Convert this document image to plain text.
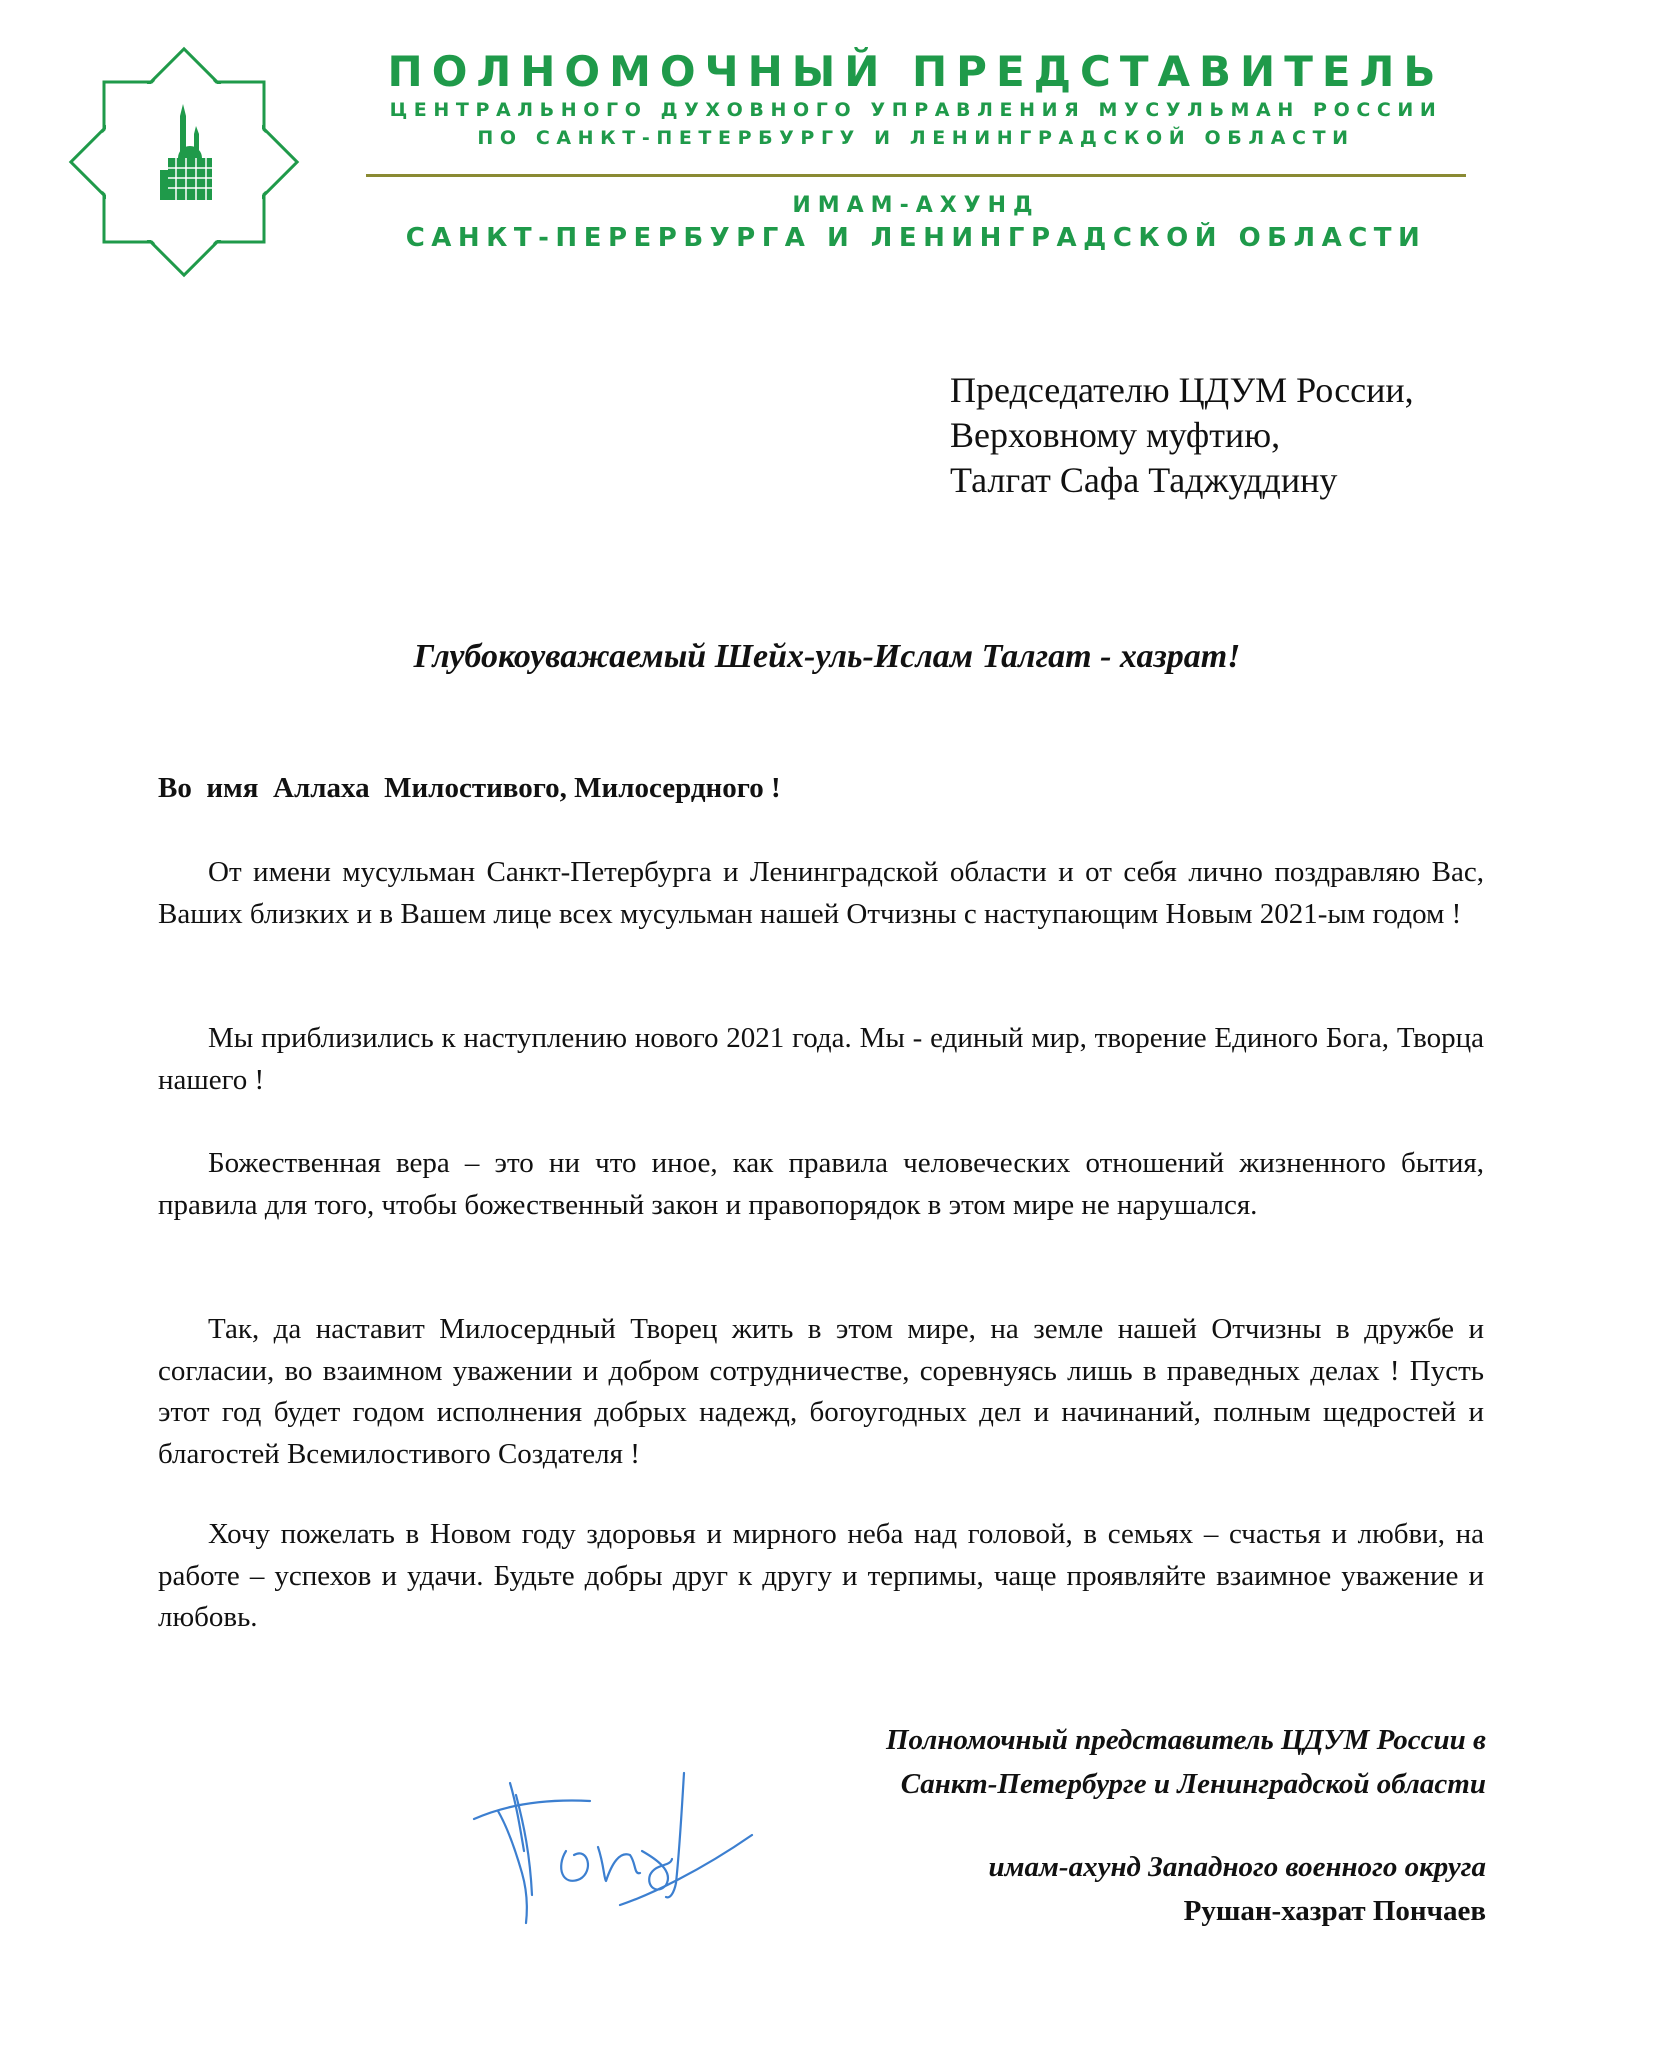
ПОЛНОМОЧНЫЙ ПРЕДСТАВИТЕЛЬ
ЦЕНТРАЛЬНОГО ДУХОВНОГО УПРАВЛЕНИЯ МУСУЛЬМАН РОССИИ
ПО САНКТ-ПЕТЕРБУРГУ И ЛЕНИНГРАДСКОЙ ОБЛАСТИ
ИМАМ-АХУНД
САНКТ-ПЕРЕРБУРГА И ЛЕНИНГРАДСКОЙ ОБЛАСТИ
Председателю ЦДУМ России,
Верховному муфтию,
Талгат Сафа Таджуддину
Глубокоуважаемый Шейх-уль-Ислам Талгат - хазрат!
Во  имя  Аллаха  Милостивого, Милосердного !

От имени мусульман Санкт-Петербурга и Ленинградской области и от себя лично поздравляю Вас, Ваших близких и в Вашем лице всех мусульман нашей Отчизны с наступающим Новым 2021-ым годом !

Мы приблизились к наступлению нового 2021 года. Мы - единый мир, творение Единого Бога, Творца нашего !

Божественная вера – это ни что иное, как правила человеческих отношений жизненного бытия, правила для того, чтобы божественный закон и правопорядок в этом мире не нарушался.

Так, да наставит Милосердный Творец жить в этом мире, на земле нашей Отчизны в дружбе и согласии, во взаимном уважении и добром сотрудничестве, соревнуясь лишь в праведных делах ! Пусть этот год будет годом исполнения добрых надежд, богоугодных дел и начинаний, полным щедростей и благостей Всемилостивого Создателя !

Хочу пожелать в Новом году здоровья и мирного неба над головой, в семьях – счастья и любви, на работе – успехов и удачи. Будьте добры друг к другу и терпимы, чаще проявляйте взаимное уважение и любовь.

Полномочный представитель ЦДУМ России в
Санкт-Петербурге и Ленинградской области
имам-ахунд Западного военного округа
Рушан-хазрат Пончаев
